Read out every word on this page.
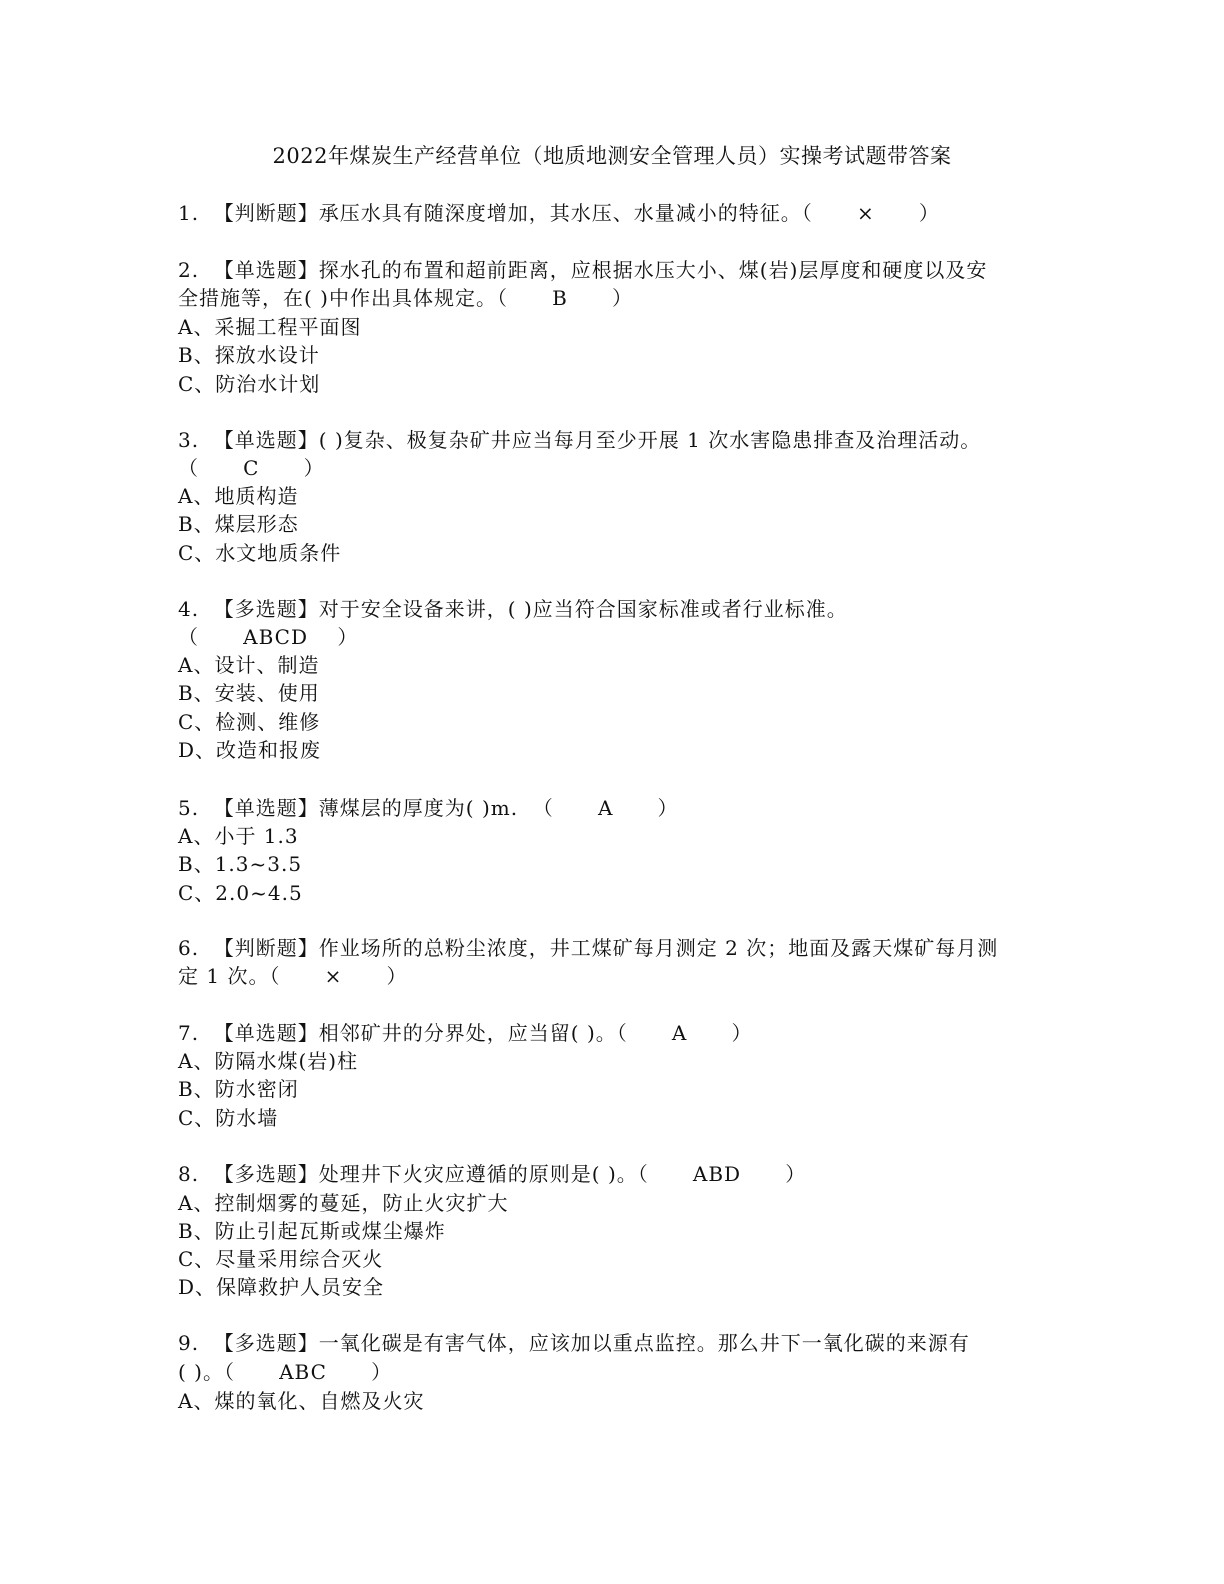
2022年煤炭生产经营单位（地质地测安全管理人员）实操考试题带答案
1.  【判断题】承压水具有随深度增加，其水压、水量减小的特征。（      ×      ）
2.  【单选题】探水孔的布置和超前距离，应根据水压大小、煤(岩)层厚度和硬度以及安
全措施等，在( )中作出具体规定。（      B      ）
A、采掘工程平面图
B、探放水设计
C、防治水计划
3.  【单选题】( )复杂、极复杂矿井应当每月至少开展 1 次水害隐患排查及治理活动。
（      C      ）
A、地质构造
B、煤层形态
C、水文地质条件
4.  【多选题】对于安全设备来讲，( )应当符合国家标准或者行业标准。
（      ABCD    ）
A、设计、制造
B、安装、使用
C、检测、维修
D、改造和报废
5.  【单选题】薄煤层的厚度为( )m.  （      A      ）
A、小于 1.3
B、1.3~3.5
C、2.0~4.5
6.  【判断题】作业场所的总粉尘浓度，井工煤矿每月测定 2 次；地面及露天煤矿每月测
定 1 次。（      ×      ）
7.  【单选题】相邻矿井的分界处，应当留( )。（      A      ）
A、防隔水煤(岩)柱
B、防水密闭
C、防水墙
8.  【多选题】处理井下火灾应遵循的原则是( )。（      ABD      ）
A、控制烟雾的蔓延，防止火灾扩大
B、防止引起瓦斯或煤尘爆炸
C、尽量采用综合灭火
D、保障救护人员安全
9.  【多选题】一氧化碳是有害气体，应该加以重点监控。那么井下一氧化碳的来源有
( )。（      ABC      ）
A、煤的氧化、自燃及火灾
